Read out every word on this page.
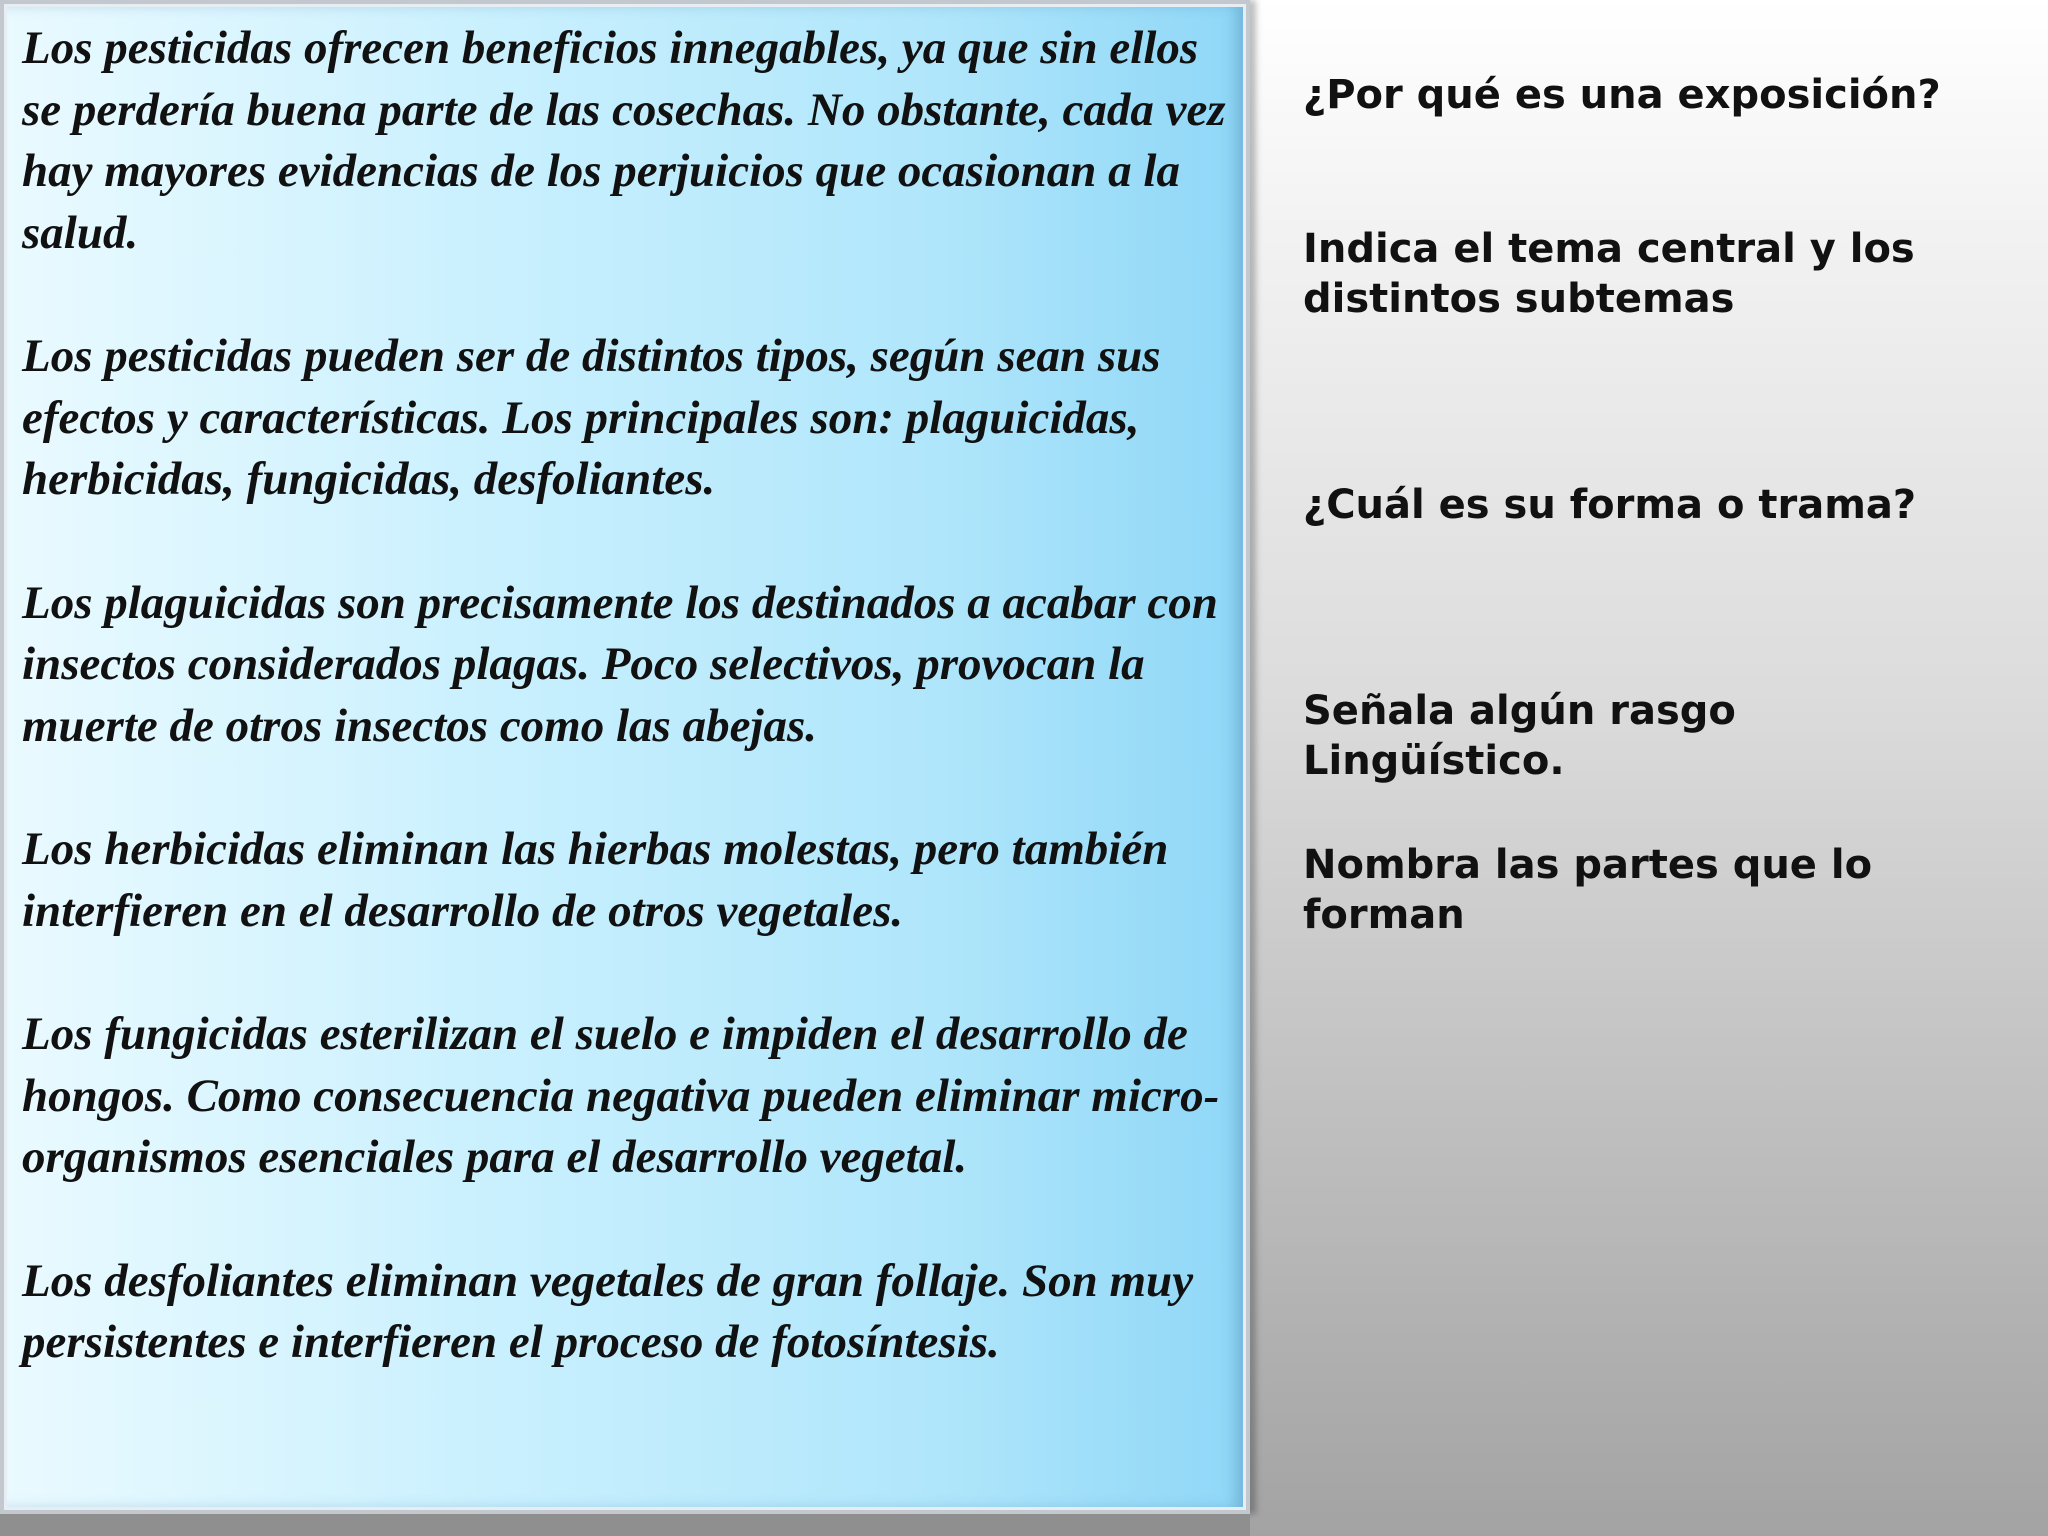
Los pesticidas ofrecen beneficios innegables, ya que sin ellos se perdería buena parte de las cosechas. No obstante, cada vez hay mayores evidencias de los perjuicios que ocasionan a la salud.

Los pesticidas pueden ser de distintos tipos, según sean sus efectos y características. Los principales son: plaguicidas, herbicidas, fungicidas, desfoliantes.

Los plaguicidas son precisamente los destinados a acabar con insectos considerados plagas. Poco selectivos, provocan la muerte de otros insectos como las abejas.

Los herbicidas eliminan las hierbas molestas, pero también interfieren en el desarrollo de otros vegetales.

Los fungicidas esterilizan el suelo e impiden el desarrollo de hongos. Como consecuencia negativa pueden eliminar micro-organismos esenciales para el desarrollo vegetal.

Los desfoliantes eliminan vegetales de gran follaje. Son muy persistentes e interfieren el proceso de fotosíntesis.

¿Por qué es una exposición?

Indica el tema central y los distintos subtemas

¿Cuál es su forma o trama?

Señala algún rasgo Lingüístico.

Nombra las partes que lo forman
